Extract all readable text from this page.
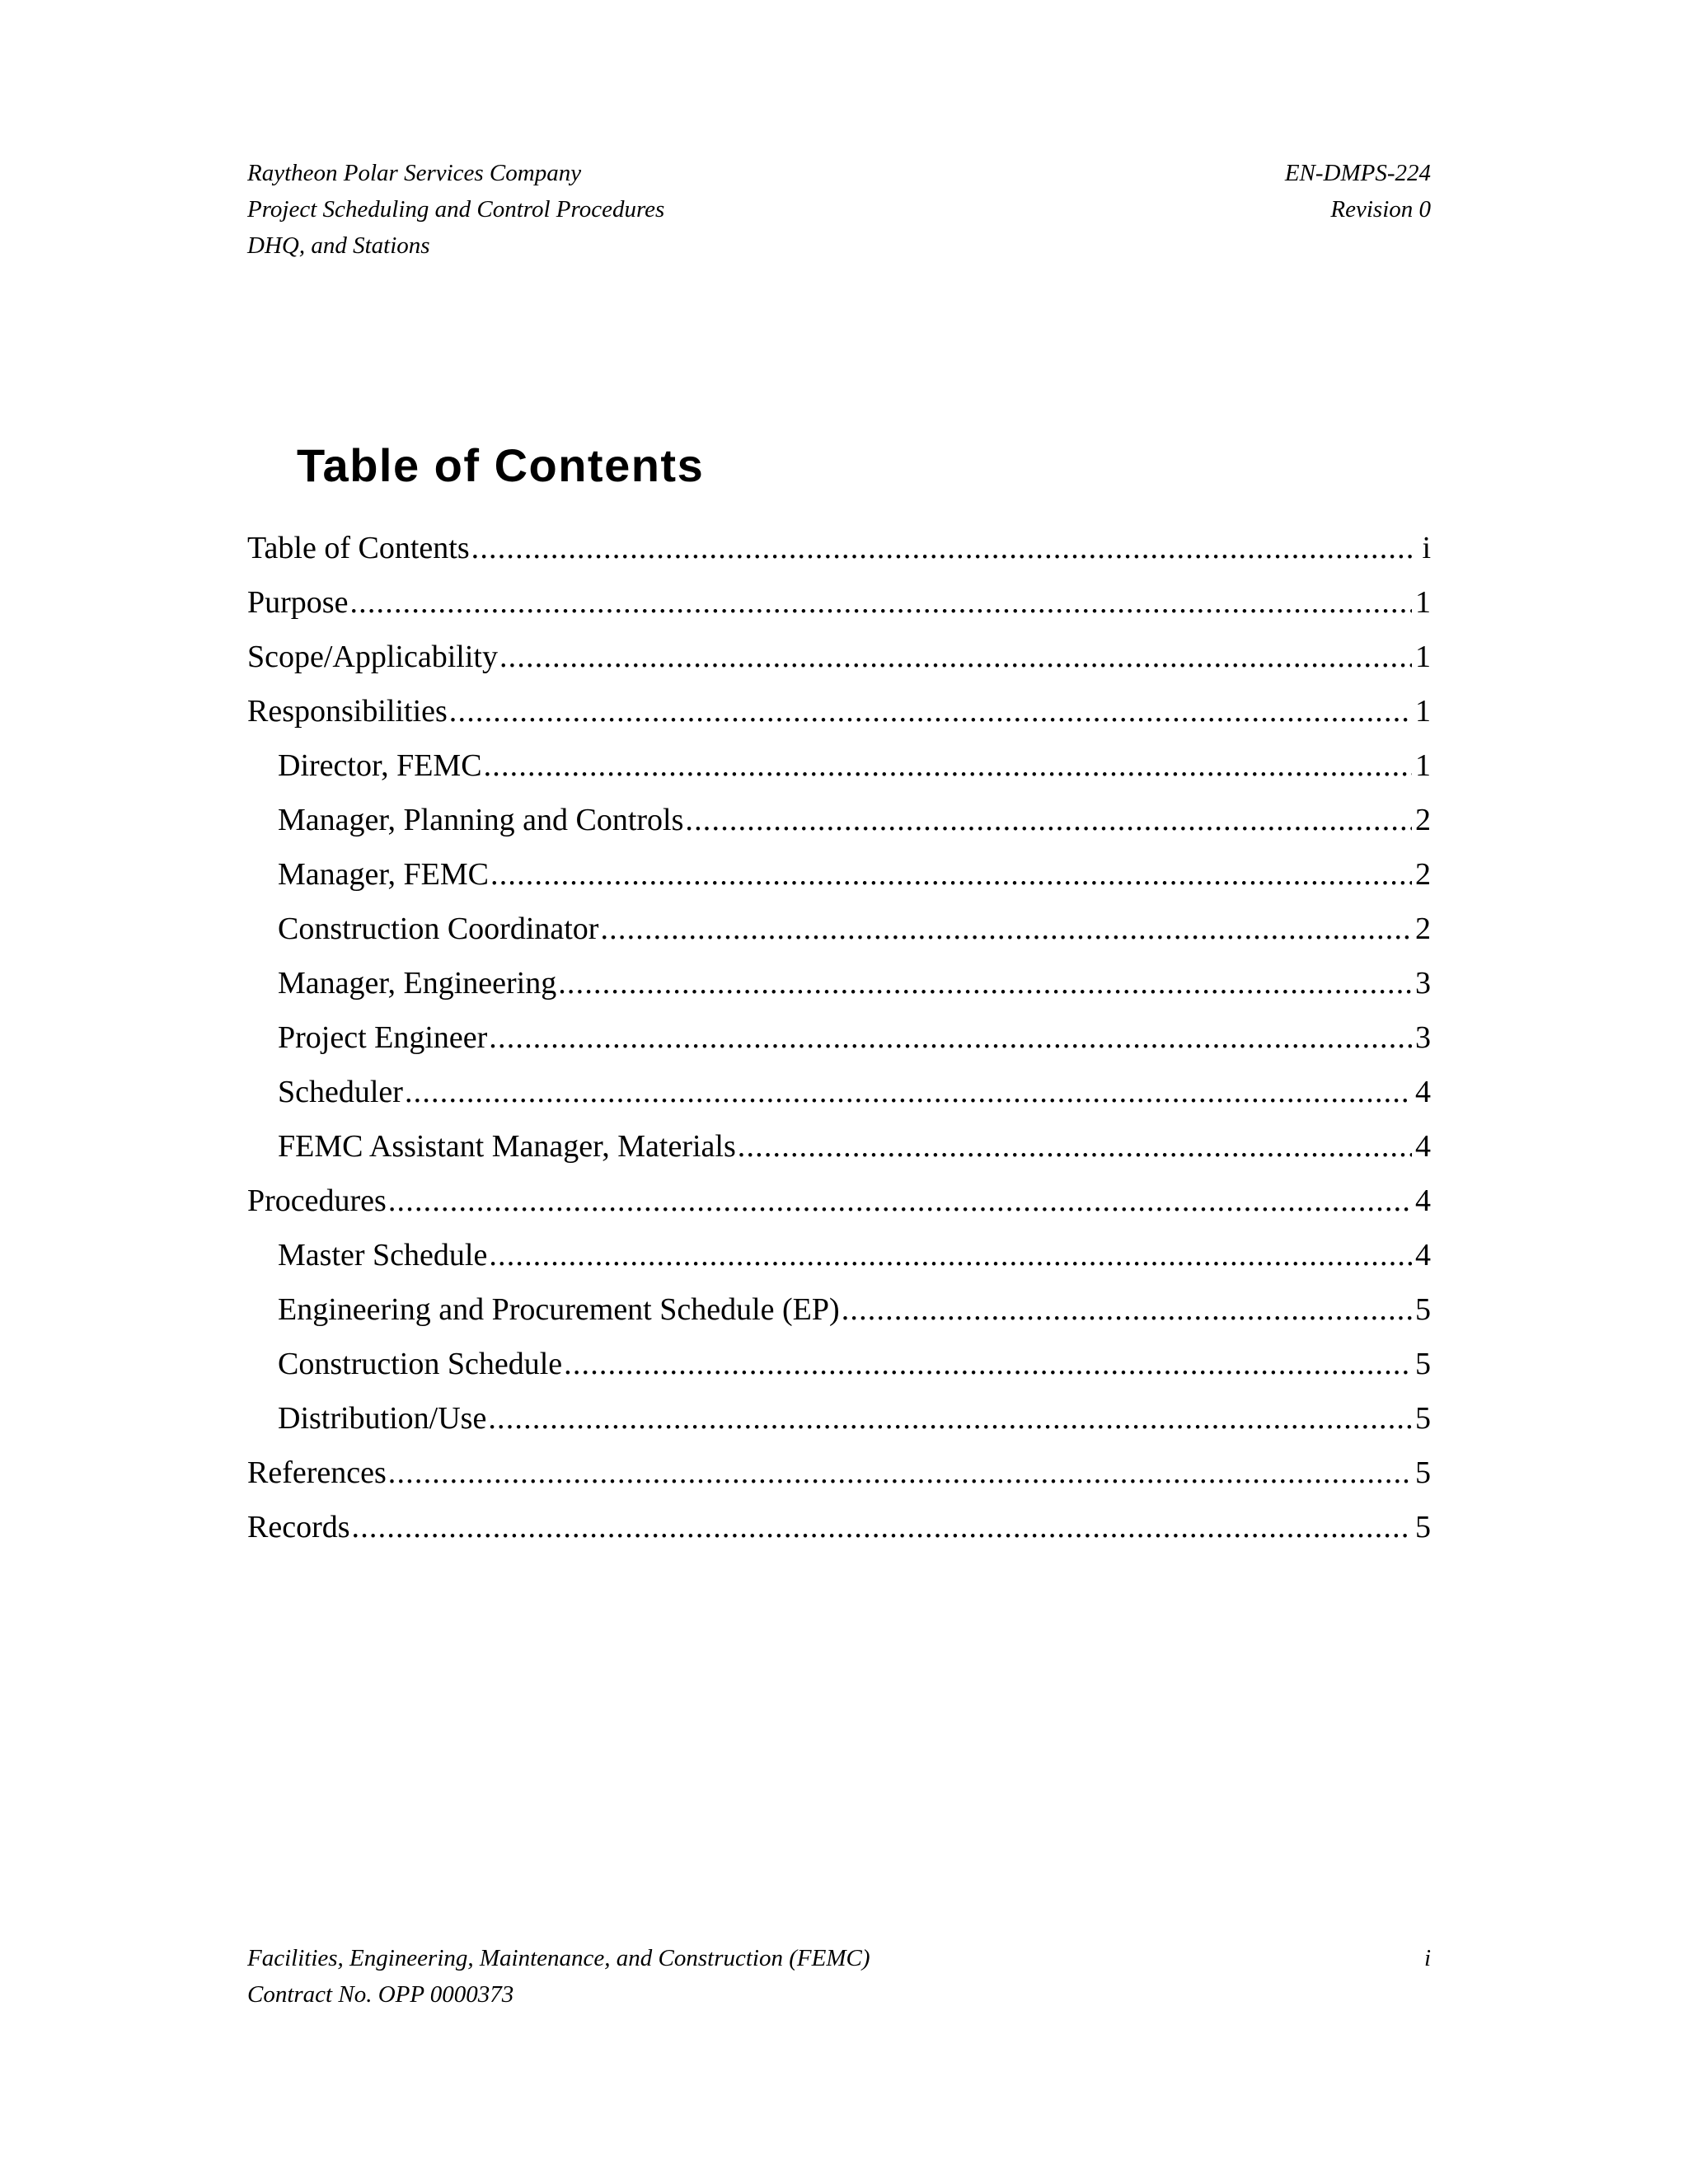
Raytheon Polar Services Company
Project Scheduling and Control Procedures
DHQ, and Stations
EN-DMPS-224
Revision 0
Table of Contents
Table of Contents .....	i
Purpose .....	1
Scope/Applicability .....	1
Responsibilities .....	1
Director, FEMC .....	1
Manager, Planning and Controls .....	2
Manager, FEMC .....	2
Construction Coordinator .....	2
Manager, Engineering .....	3
Project Engineer .....	3
Scheduler .....	4
FEMC Assistant Manager, Materials .....	4
Procedures .....	4
Master Schedule .....	4
Engineering and Procurement Schedule (EP) .....	5
Construction Schedule .....	5
Distribution/Use .....	5
References .....	5
Records .....	5
Facilities, Engineering, Maintenance, and Construction (FEMC)
Contract No. OPP 0000373
i
